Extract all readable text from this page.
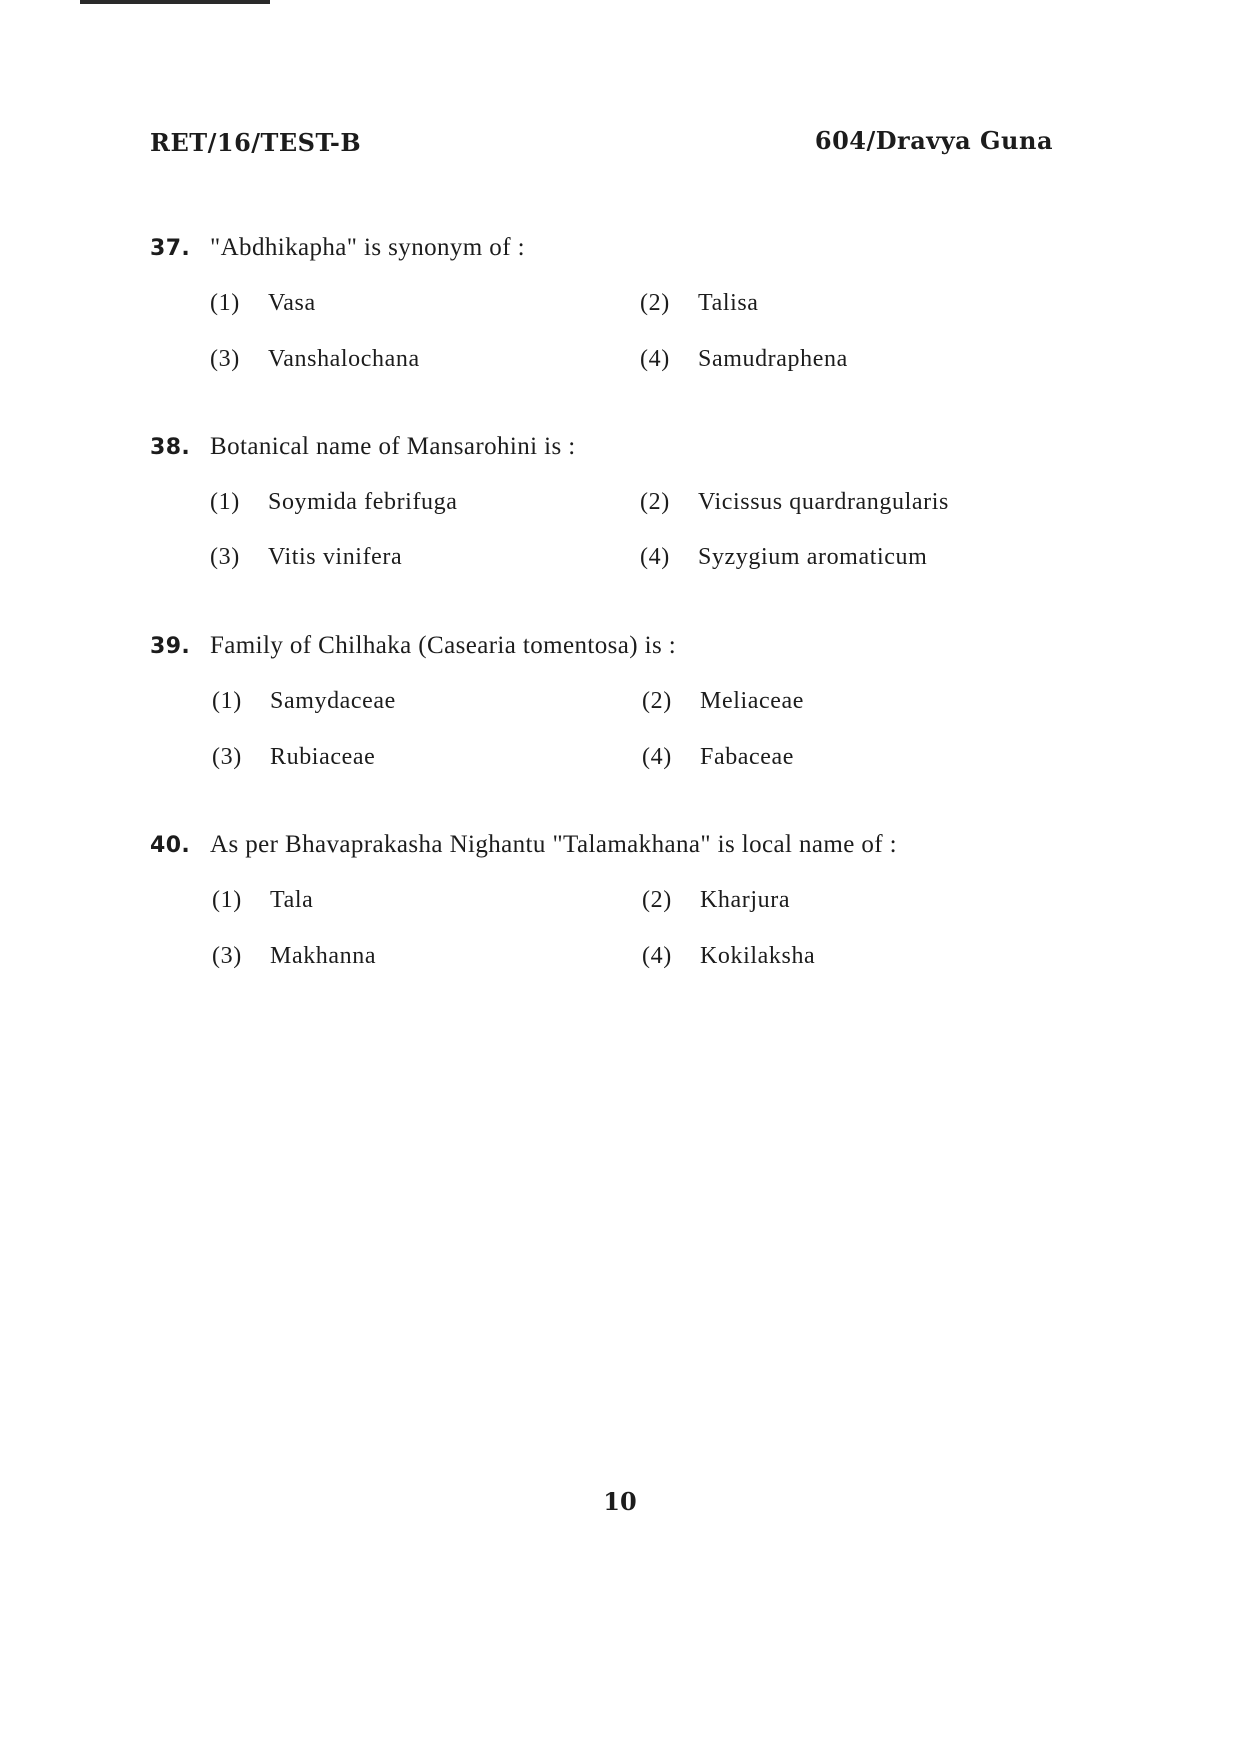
RET/16/TEST-B	604/Dravya Guna
37. "Abdhikapha" is synonym of :
(1) Vasa	(2) Talisa
(3) Vanshalochana	(4) Samudraphena
38. Botanical name of Mansarohini is :
(1) Soymida febrifuga	(2) Vicissus quardrangularis
(3) Vitis vinifera	(4) Syzygium aromaticum
39. Family of Chilhaka (Casearia tomentosa) is :
(1) Samydaceae	(2) Meliaceae
(3) Rubiaceae	(4) Fabaceae
40. As per Bhavaprakasha Nighantu "Talamakhana" is local name of :
(1) Tala	(2) Kharjura
(3) Makhanna	(4) Kokilaksha
10
